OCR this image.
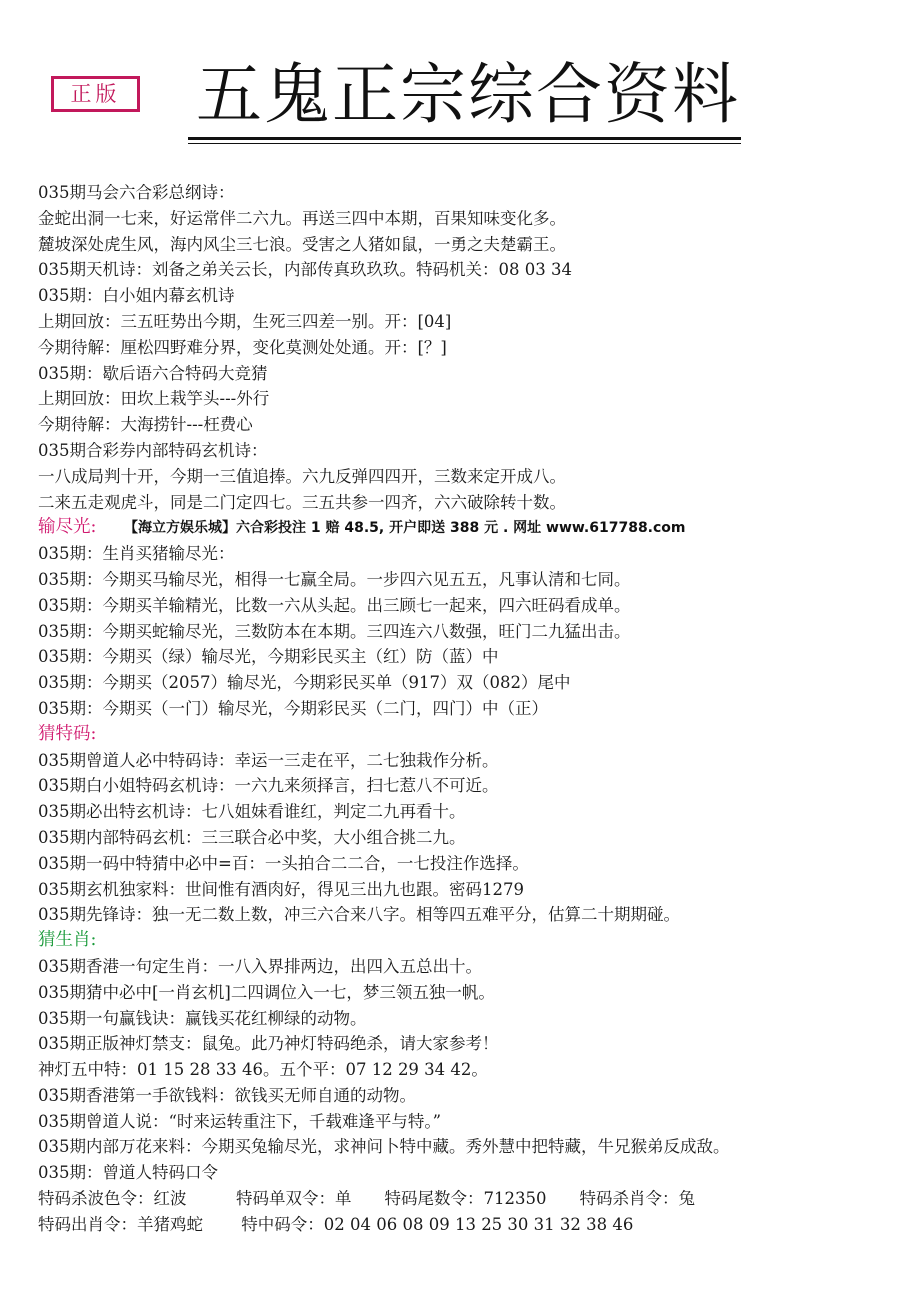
正版 五鬼正宗综合资料
035期马会六合彩总纲诗：
金蛇出洞一七来，好运常伴二六九。再送三四中本期，百果知味变化多。
麓坡深处虎生风，海内风尘三七浪。受害之人猪如鼠，一勇之夫楚霸王。
035期天机诗：刘备之弟关云长，内部传真玖玖玖。特码机关：08 03 34
035期：白小姐内幕玄机诗
上期回放：三五旺势出今期，生死三四差一别。开：[04]
今期待解：厘松四野难分界，变化莫测处处通。开：[？]
035期：歇后语六合特码大竞猜
上期回放：田坎上栽竽头---外行
今期待解：大海捞针---枉费心
035期合彩券内部特码玄机诗：
一八成局判十开，今期一三值追捧。六九反弹四四开，三数来定开成八。
二来五走观虎斗，同是二门定四七。三五共参一四齐，六六破除转十数。
输尽光: 【海立方娱乐城】六合彩投注 1 赔 48.5, 开户即送 388 元 . 网址 www.617788.com
035期：生肖买猪输尽光：
035期：今期买马输尽光，相得一七赢全局。一步四六见五五，凡事认清和七同。
035期：今期买羊输精光，比数一六从头起。出三顾七一起来，四六旺码看成单。
035期：今期买蛇输尽光，三数防本在本期。三四连六八数强，旺门二九猛出击。
035期：今期买（绿）输尽光，今期彩民买主（红）防（蓝）中
035期：今期买（2057）输尽光，今期彩民买单（917）双（082）尾中
035期：今期买（一门）输尽光，今期彩民买（二门，四门）中（正）
猜特码:
035期曾道人必中特码诗：幸运一三走在平，二七独栽作分析。
035期白小姐特码玄机诗：一六九来须择言，扫七惹八不可近。
035期必出特玄机诗：七八姐妹看谁红，判定二九再看十。
035期内部特码玄机：三三联合必中奖，大小组合挑二九。
035期一码中特猜中必中=百：一头拍合二二合，一七投注作选择。
035期玄机独家料：世间惟有酒肉好，得见三出九也跟。密码1279
035期先锋诗：独一无二数上数，冲三六合来八字。相等四五难平分，估算二十期期碰。
猜生肖:
035期香港一句定生肖：一八入界排两边，出四入五总出十。
035期猜中必中[一肖玄机]二四调位入一七，梦三领五独一帆。
035期一句赢钱诀：赢钱买花红柳绿的动物。
035期正版神灯禁支：鼠兔。此乃神灯特码绝杀，请大家参考！
神灯五中特：01 15 28 33 46。五个平：07 12 29 34 42。
035期香港第一手欲钱料：欲钱买无师自通的动物。
035期曾道人说：“时来运转重注下，千载难逢平与特。”
035期内部万花来料：今期买兔输尽光，求神问卜特中藏。秀外慧中把特藏，牛兄猴弟反成敌。
035期：曾道人特码口令
特码杀波色令：红波　　　特码单双令：单　　特码尾数令：712350　　特码杀肖令：兔
特码出肖令：羊猪鸡蛇　　 特中码令：02 04 06 08 09 13 25 30 31 32 38 46
